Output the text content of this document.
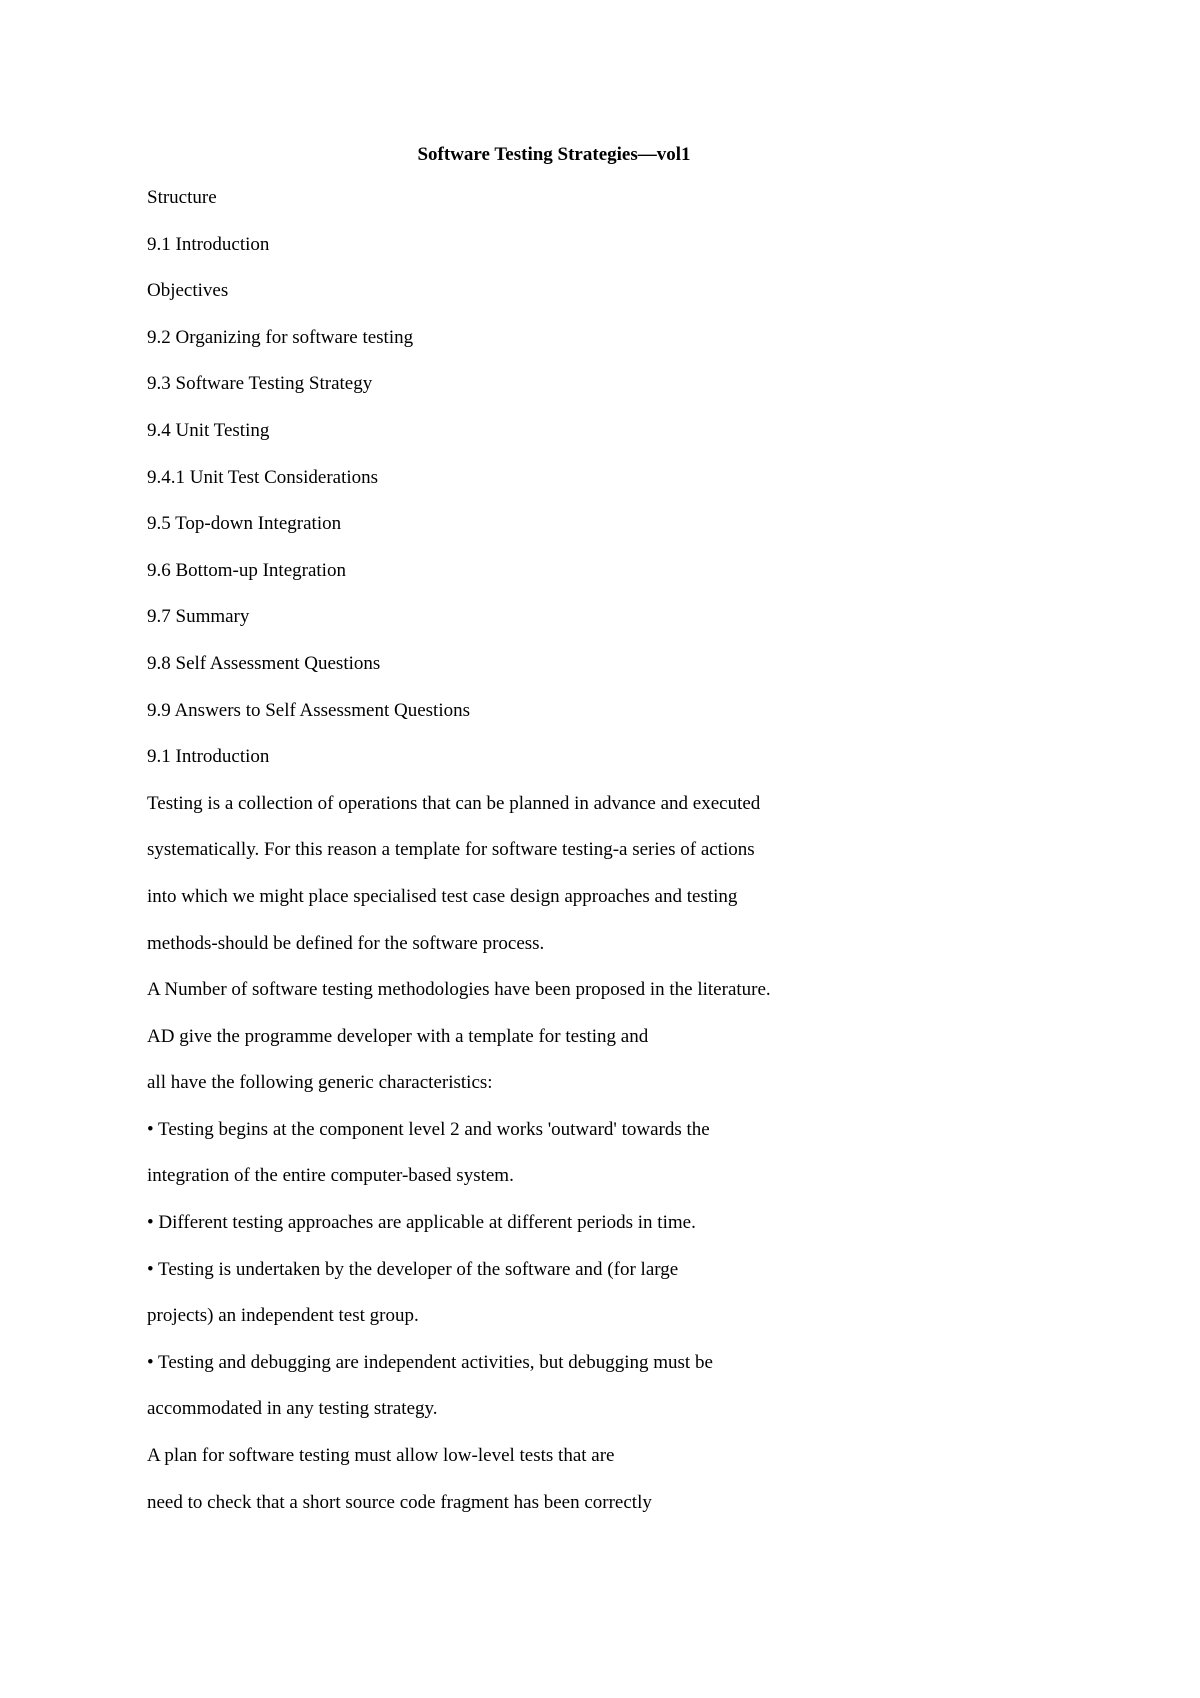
Software Testing Strategies—vol1
Structure
9.1 Introduction
Objectives
9.2 Organizing for software testing
9.3 Software Testing Strategy
9.4 Unit Testing
9.4.1 Unit Test Considerations
9.5 Top-down Integration
9.6 Bottom-up Integration
9.7 Summary
9.8 Self Assessment Questions
9.9 Answers to Self Assessment Questions
9.1 Introduction
Testing is a collection of operations that can be planned in advance and executed
systematically. For this reason a template for software testing-a series of actions
into which we might place specialised test case design approaches and testing
methods-should be defined for the software process.
A Number of software testing methodologies have been proposed in the literature.
AD give the programme developer with a template for testing and
all have the following generic characteristics:
• Testing begins at the component level 2 and works 'outward' towards the
integration of the entire computer-based system.
• Different testing approaches are applicable at different periods in time.
• Testing is undertaken by the developer of the software and (for large
projects) an independent test group.
• Testing and debugging are independent activities, but debugging must be
accommodated in any testing strategy.
A plan for software testing must allow low-level tests that are
need to check that a short source code fragment has been correctly
